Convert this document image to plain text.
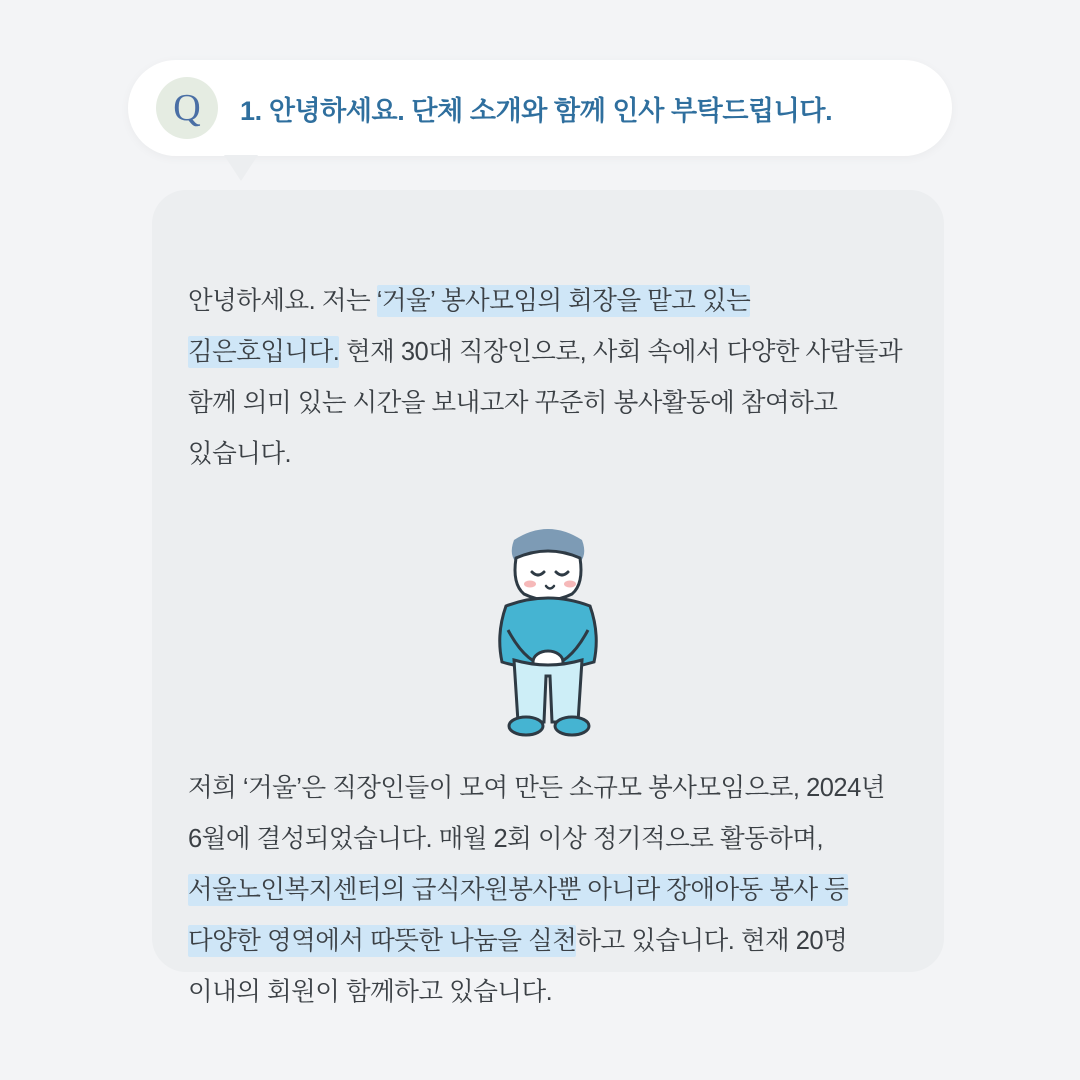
Q	1. 안녕하세요. 단체 소개와 함께 인사 부탁드립니다.

안녕하세요. 저는 ‘거울’ 봉사모임의 회장을 맡고 있는 김은호입니다. 현재 30대 직장인으로, 사회 속에서 다양한 사람들과 함께 의미 있는 시간을 보내고자 꾸준히 봉사활동에 참여하고 있습니다.

저희 ‘거울’은 직장인들이 모여 만든 소규모 봉사모임으로, 2024년 6월에 결성되었습니다. 매월 2회 이상 정기적으로 활동하며, 서울노인복지센터의 급식자원봉사뿐 아니라 장애아동 봉사 등 다양한 영역에서 따뜻한 나눔을 실천하고 있습니다. 현재 20명 이내의 회원이 함께하고 있습니다.
